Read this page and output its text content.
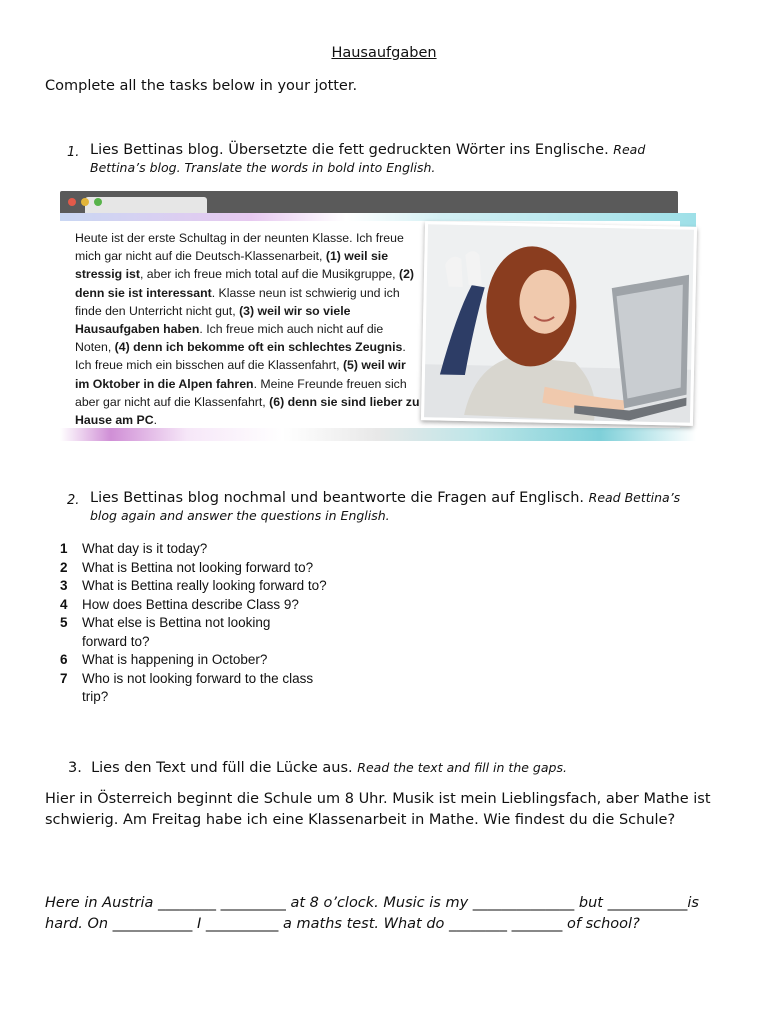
Hausaufgaben
Complete all the tasks below in your jotter.
1. Lies Bettinas blog. Übersetzte die fett gedruckten Wörter ins Englische. Read
Bettina’s blog. Translate the words in bold into English.
Heute ist der erste Schultag in der neunten Klasse. Ich freue mich gar nicht auf die Deutsch-Klassenarbeit, (1) weil sie stressig ist, aber ich freue mich total auf die Musikgruppe, (2) denn sie ist interessant. Klasse neun ist schwierig und ich finde den Unterricht nicht gut, (3) weil wir so viele Hausaufgaben haben. Ich freue mich auch nicht auf die Noten, (4) denn ich bekomme oft ein schlechtes Zeugnis. Ich freue mich ein bisschen auf die Klassenfahrt, (5) weil wir im Oktober in die Alpen fahren. Meine Freunde freuen sich aber gar nicht auf die Klassenfahrt, (6) denn sie sind lieber zu Hause am PC.
2. Lies Bettinas blog nochmal und beantworte die Fragen auf Englisch. Read Bettina’s
blog again and answer the questions in English.
1	What day is it today?
2	What is Bettina not looking forward to?
3	What is Bettina really looking forward to?
4	How does Bettina describe Class 9?
5	What else is Bettina not looking forward to?
6	What is happening in October?
7	Who is not looking forward to the class trip?
3. Lies den Text und füll die Lücke aus. Read the text and fill in the gaps.
Hier in Österreich beginnt die Schule um 8 Uhr. Musik ist mein Lieblingsfach, aber Mathe ist schwierig. Am Freitag habe ich eine Klassenarbeit in Mathe. Wie findest du die Schule?
Here in Austria ________ _________ at 8 o’clock. Music is my ______________ but ___________is hard. On ___________ I __________ a maths test. What do ________ _______ of school?
